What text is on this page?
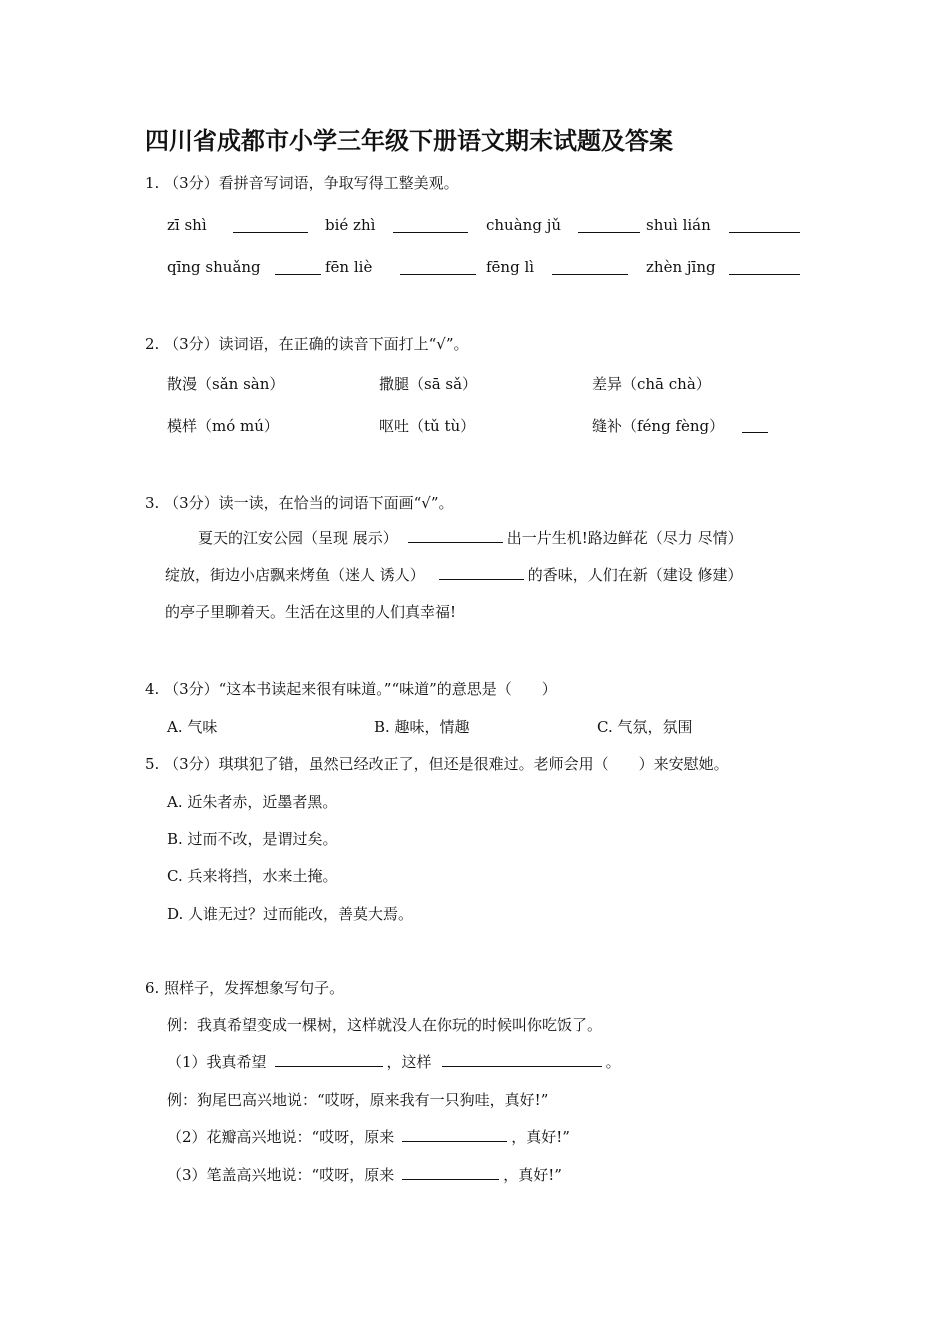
四川省成都市小学三年级下册语文期末试题及答案
1. （3分）看拼音写词语，争取写得工整美观。
zī shì	bié zhì	chuàng jǔ	shuì lián
qīng shuǎng	fēn liè	fēng lì	zhèn jīng
2. （3分）读词语，在正确的读音下面打上“√”。
散漫（sǎn sàn）	撒腿（sā sǎ）	差异（chā chà）
模样（mó mú）	呕吐（tǔ tù）	缝补（féng fèng）
3. （3分）读一读，在恰当的词语下面画“√”。
夏天的江安公园（呈现 展示）	出一片生机!路边鲜花（尽力 尽情）
绽放，街边小店飘来烤鱼（迷人 诱人）	的香味，人们在新（建设 修建）
的亭子里聊着天。生活在这里的人们真幸福!
4. （3分）“这本书读起来很有味道。”“味道”的意思是（　　）
A. 气味	B. 趣味，情趣	C. 气氛，氛围
5. （3分）琪琪犯了错，虽然已经改正了，但还是很难过。老师会用（　　）来安慰她。
A. 近朱者赤，近墨者黑。
B. 过而不改，是谓过矣。
C. 兵来将挡，水来土掩。
D. 人谁无过？过而能改，善莫大焉。
6. 照样子，发挥想象写句子。
例：我真希望变成一棵树，这样就没人在你玩的时候叫你吃饭了。
（1）我真希望	，这样	。
例：狗尾巴高兴地说：“哎呀，原来我有一只狗哇，真好!”
（2）花瓣高兴地说：“哎呀，原来	，真好!”
（3）笔盖高兴地说：“哎呀，原来	，真好!”
